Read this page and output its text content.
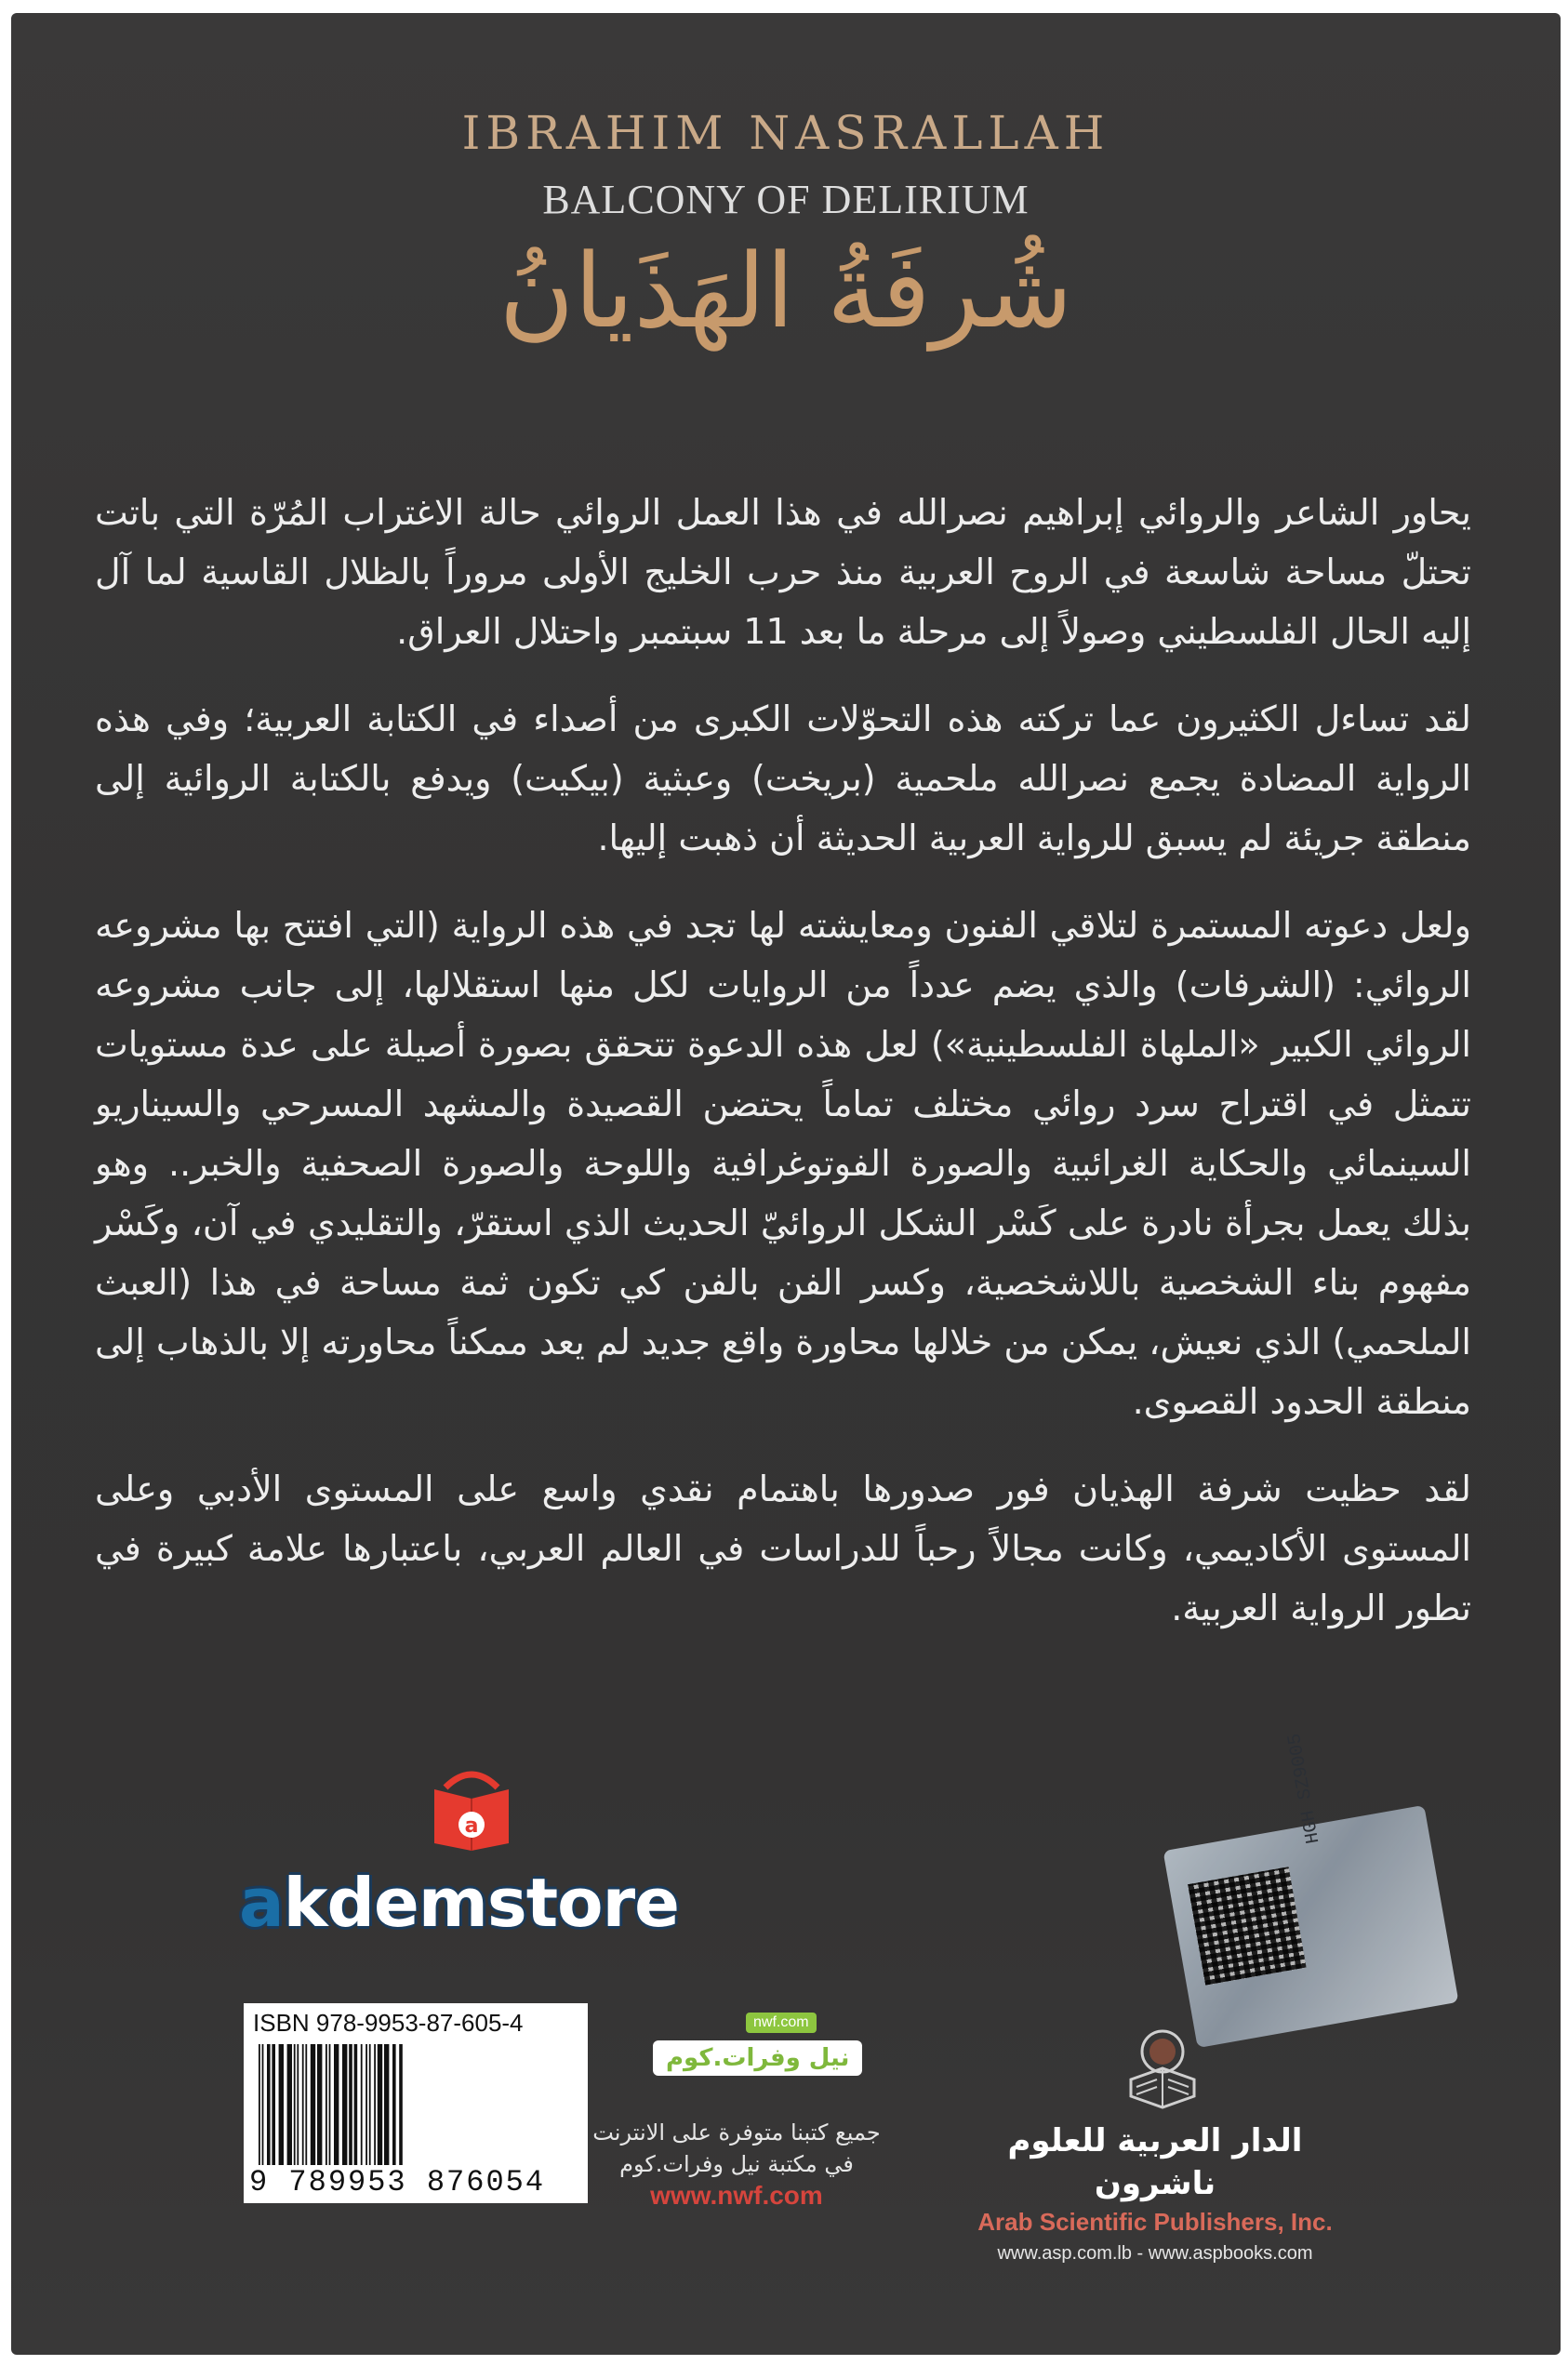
IBRAHIM NASRALLAH
BALCONY OF DELIRIUM
شُرفَةُ الهَذَيانُ

يحاور الشاعر والروائي إبراهيم نصرالله في هذا العمل الروائي حالة الاغتراب المُرّة التي باتت تحتلّ مساحة شاسعة في الروح العربية منذ حرب الخليج الأولى مروراً بالظلال القاسية لما آل إليه الحال الفلسطيني وصولاً إلى مرحلة ما بعد 11 سبتمبر واحتلال العراق.

لقد تساءل الكثيرون عما تركته هذه التحوّلات الكبرى من أصداء في الكتابة العربية؛ وفي هذه الرواية المضادة يجمع نصرالله ملحمية (بريخت) وعبثية (بيكيت) ويدفع بالكتابة الروائية إلى منطقة جريئة لم يسبق للرواية العربية الحديثة أن ذهبت إليها.

ولعل دعوته المستمرة لتلاقي الفنون ومعايشته لها تجد في هذه الرواية (التي افتتح بها مشروعه الروائي: (الشرفات) والذي يضم عدداً من الروايات لكل منها استقلالها، إلى جانب مشروعه الروائي الكبير «الملهاة الفلسطينية») لعل هذه الدعوة تتحقق بصورة أصيلة على عدة مستويات تتمثل في اقتراح سرد روائي مختلف تماماً يحتضن القصيدة والمشهد المسرحي والسيناريو السينمائي والحكاية الغرائبية والصورة الفوتوغرافية واللوحة والصورة الصحفية والخبر.. وهو بذلك يعمل بجرأة نادرة على كَسْر الشكل الروائيّ الحديث الذي استقرّ، والتقليدي في آن، وكَسْر مفهوم بناء الشخصية باللاشخصية، وكسر الفن بالفن كي تكون ثمة مساحة في هذا (العبث الملحمي) الذي نعيش، يمكن من خلالها محاورة واقع جديد لم يعد ممكناً محاورته إلا بالذهاب إلى منطقة الحدود القصوى.

لقد حظيت شرفة الهذيان فور صدورها باهتمام نقدي واسع على المستوى الأدبي وعلى المستوى الأكاديمي، وكانت مجالاً رحباً للدراسات في العالم العربي، باعتبارها علامة كبيرة في تطور الرواية العربية.

a
akdemstore
ISBN 978-9953-87-605-4
9 789953 876054
nwf.com
نيل وفرات.كوم
جميع كتبنا متوفرة على الانترنت
في مكتبة نيل وفرات.كوم
www.nwf.com
HGH SZ9005
الدار العربية للعلوم ناشرون
Arab Scientific Publishers, Inc.
www.asp.com.lb - www.aspbooks.com
